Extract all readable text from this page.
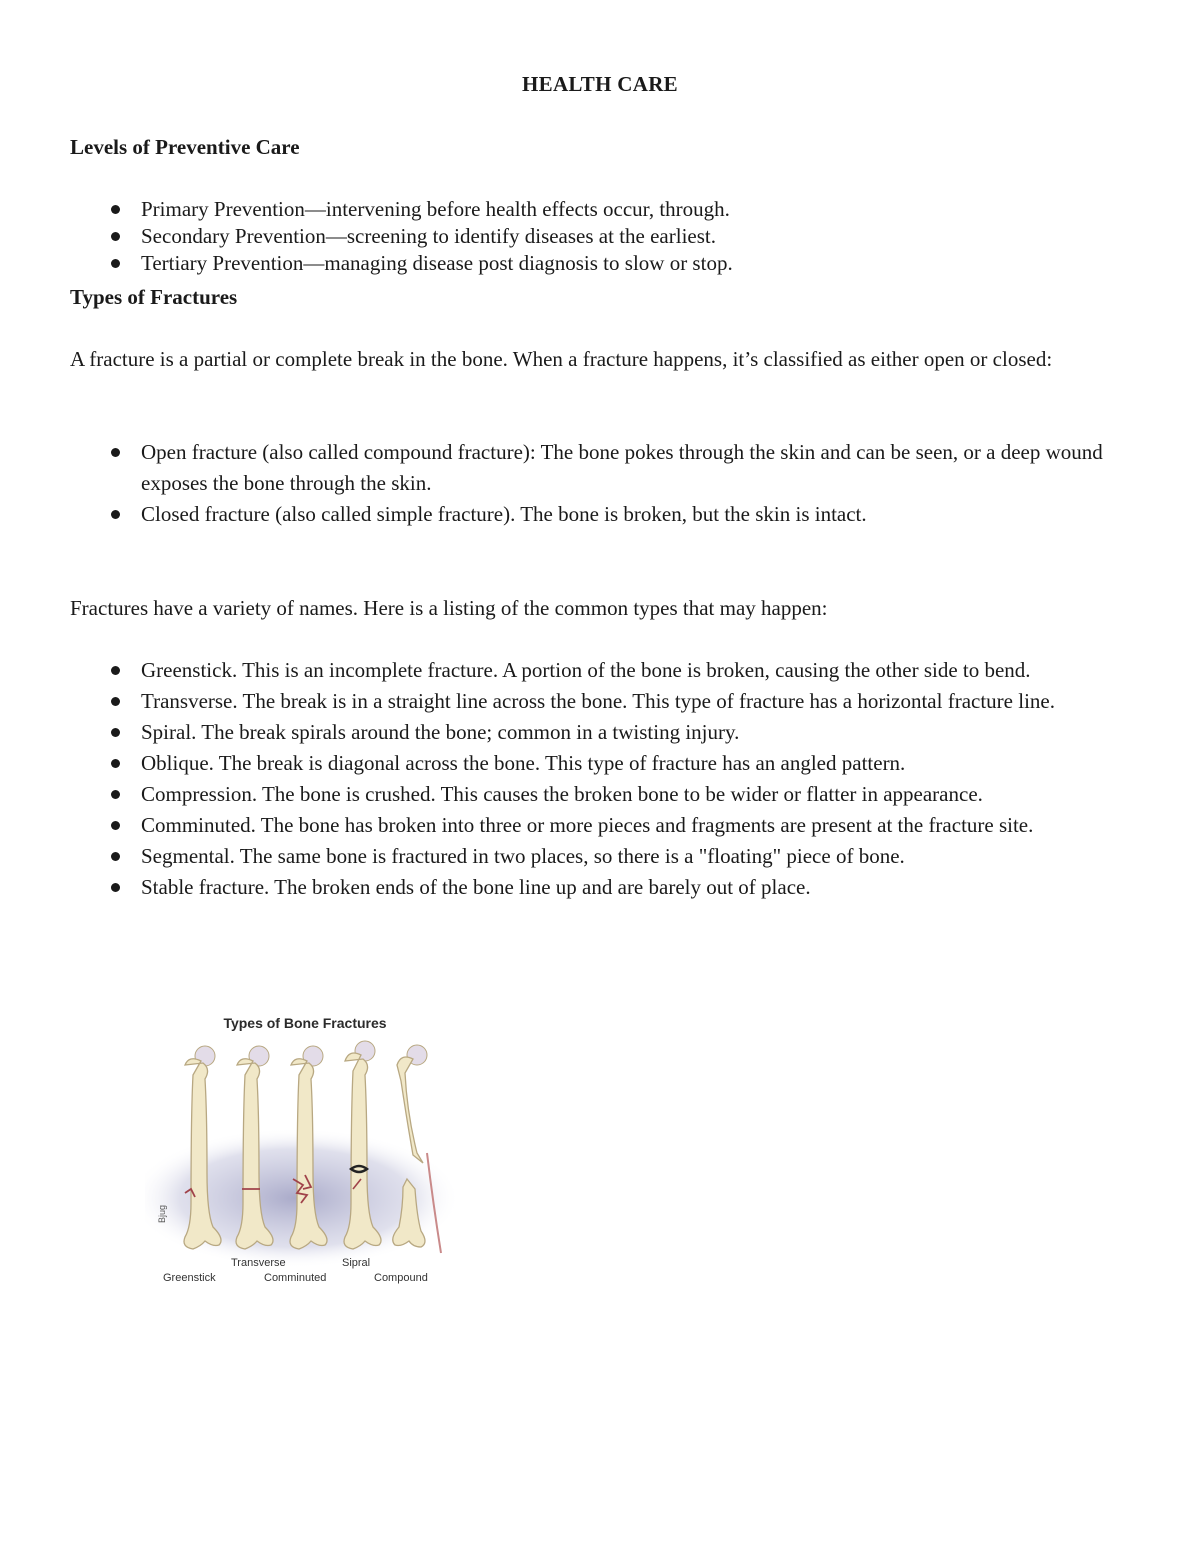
HEALTH CARE
Levels of Preventive Care
Primary Prevention—intervening before health effects occur, through.
Secondary Prevention—screening to identify diseases at the earliest.
Tertiary Prevention—managing disease post diagnosis to slow or stop.
Types of Fractures
A fracture is a partial or complete break in the bone. When a fracture happens, it’s classified as either open or closed:
Open fracture (also called compound fracture): The bone pokes through the skin and can be seen, or a deep wound exposes the bone through the skin.
Closed fracture (also called simple fracture). The bone is broken, but the skin is intact.
Fractures have a variety of names. Here is a listing of the common types that may happen:
Greenstick. This is an incomplete fracture. A portion of the bone is broken, causing the other side to bend.
Transverse. The break is in a straight line across the bone. This type of fracture has a horizontal fracture line.
Spiral. The break spirals around the bone; common in a twisting injury.
Oblique. The break is diagonal across the bone. This type of fracture has an angled pattern.
Compression. The bone is crushed. This causes the broken bone to be wider or flatter in appearance.
Comminuted. The bone has broken into three or more pieces and fragments are present at the fracture site.
Segmental. The same bone is fractured in two places, so there is a "floating" piece of bone.
Stable fracture. The broken ends of the bone line up and are barely out of place.
Bjug
Types of Bone Fractures
Transverse	Sipral
Greenstick	Comminuted	Compound
